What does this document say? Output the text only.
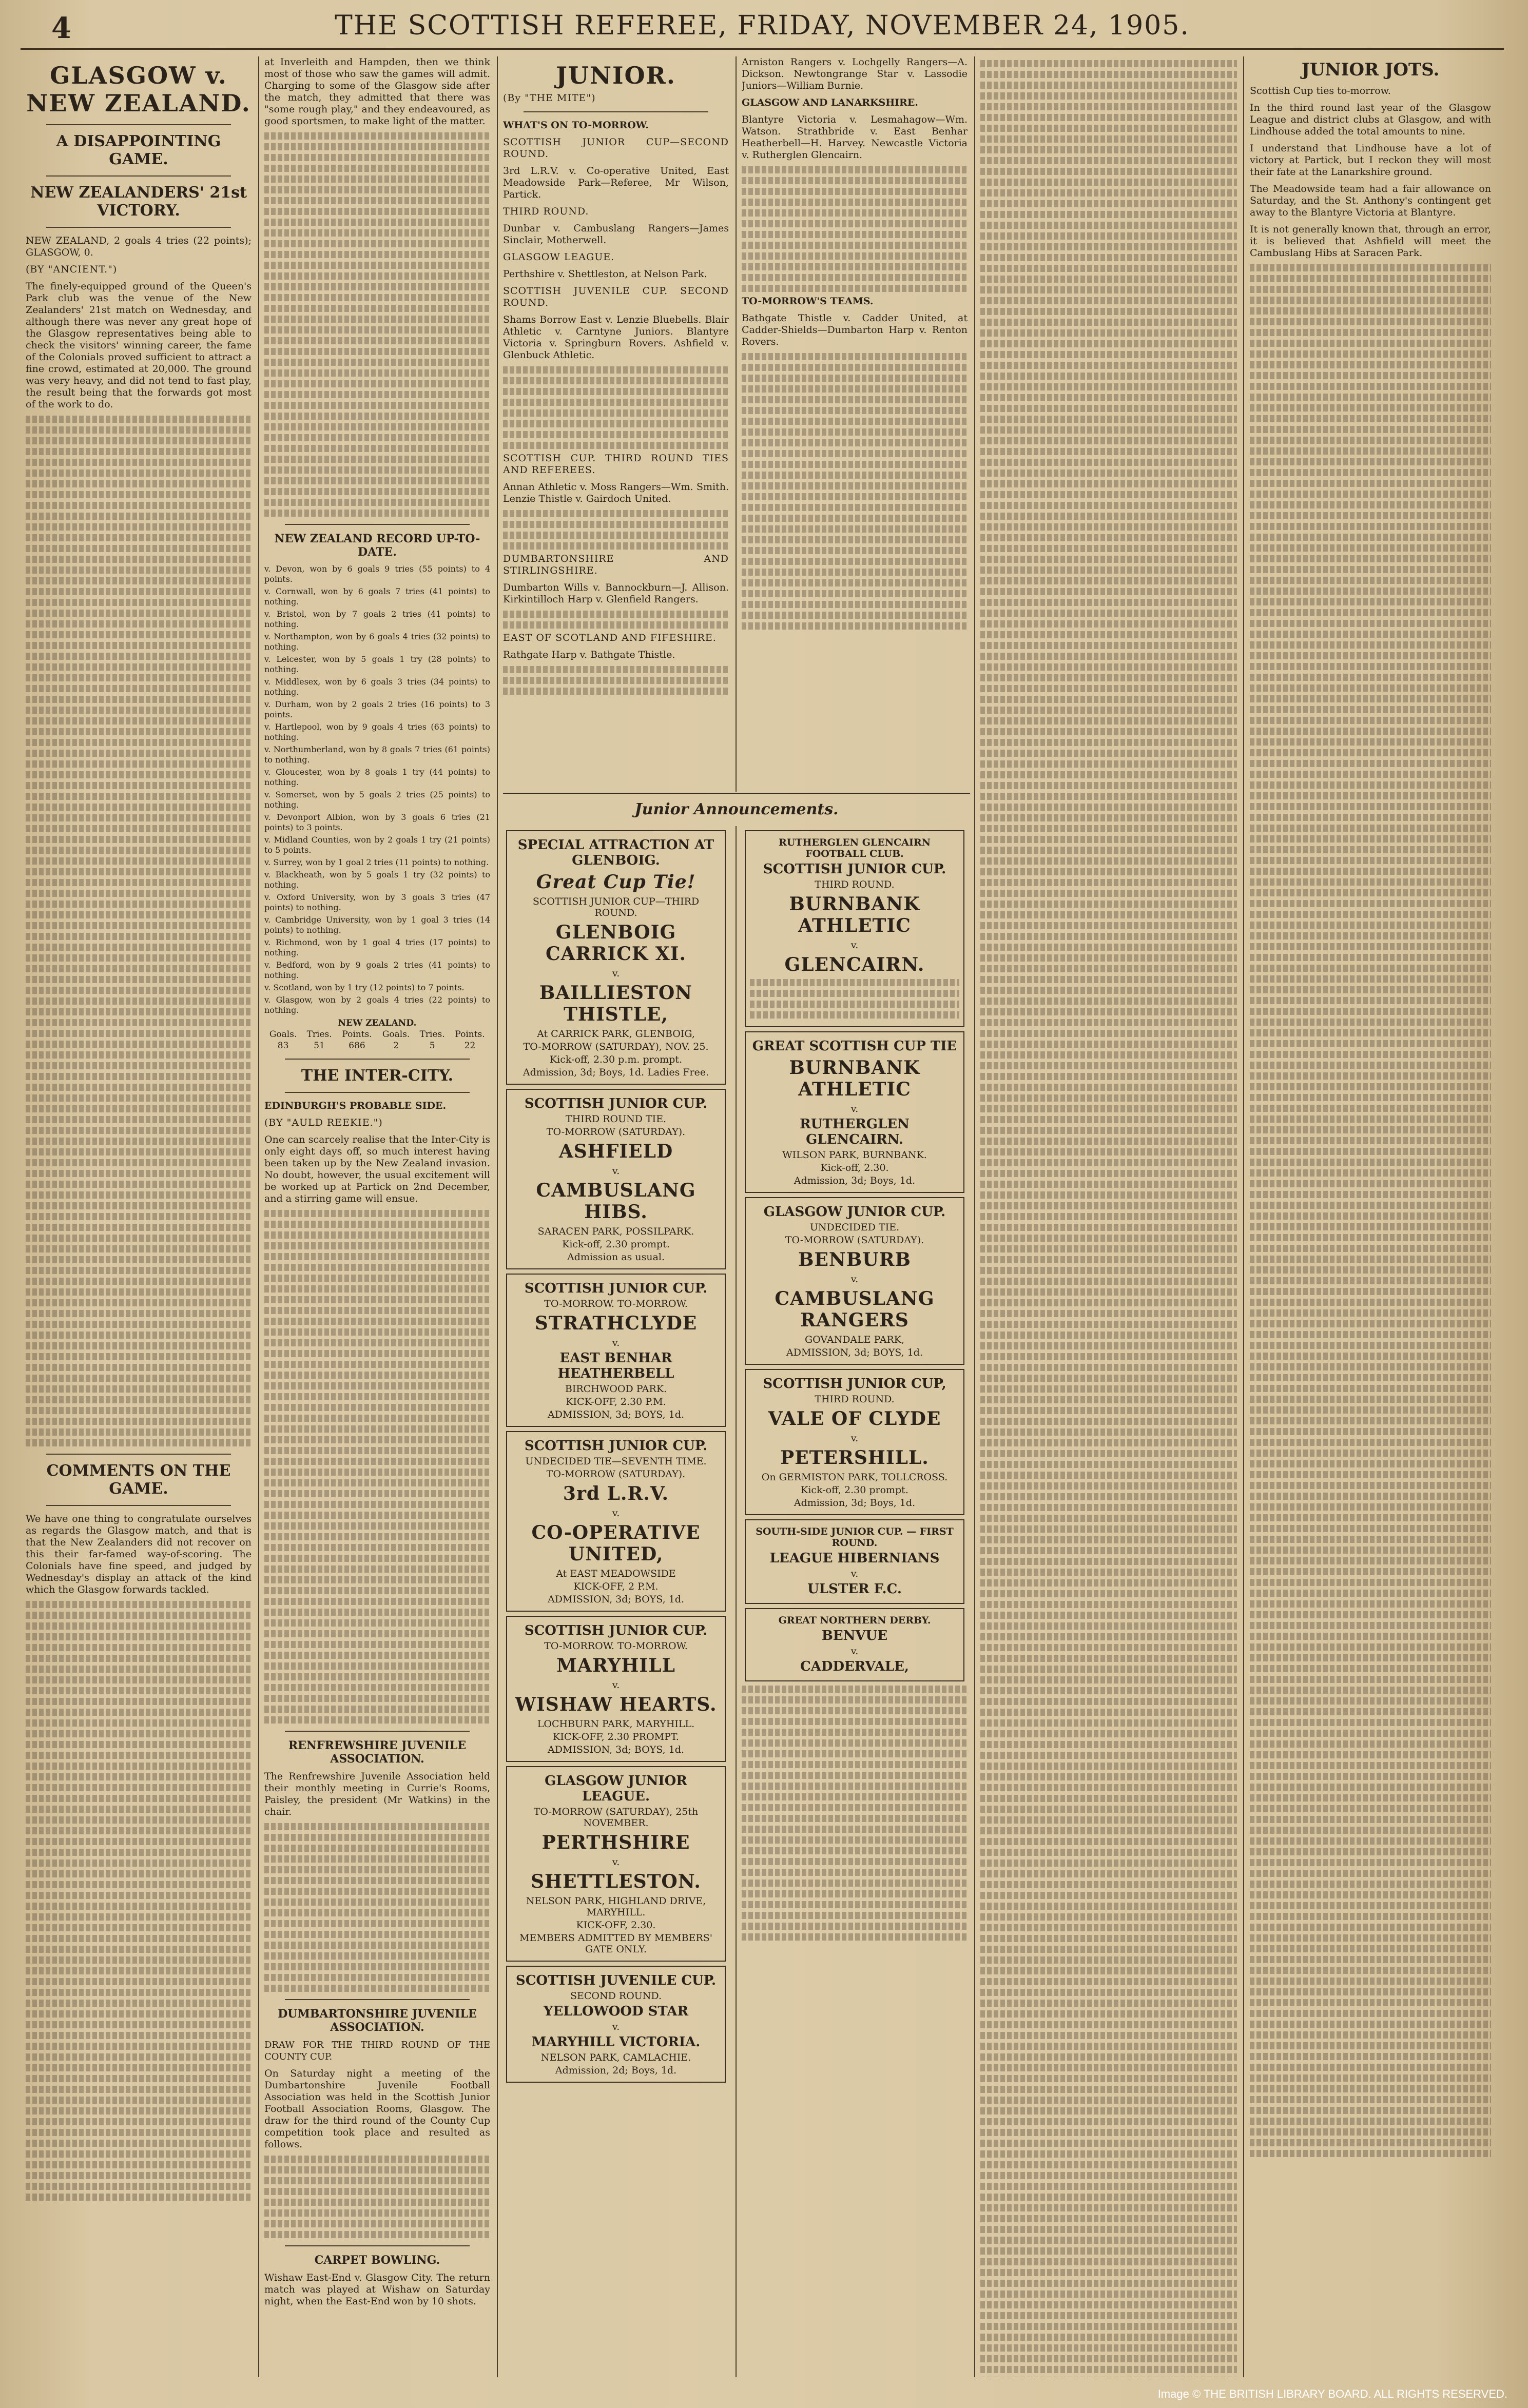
4	THE SCOTTISH REFEREE, FRIDAY, NOVEMBER 24, 1905.
GLASGOW v. NEW ZEALAND.
A DISAPPOINTING GAME.
NEW ZEALANDERS' 21st VICTORY.

NEW ZEALAND, 2 goals 4 tries (22 points); GLASGOW, 0.

(BY "ANCIENT.")

The finely-equipped ground of the Queen's Park club was the venue of the New Zealanders' 21st match on Wednesday, and although there was never any great hope of the Glasgow representatives being able to check the visitors' winning career, the fame of the Colonials proved sufficient to attract a fine crowd, estimated at 20,000. The ground was very heavy, and did not tend to fast play, the result being that the forwards got most of the work to do.

COMMENTS ON THE GAME.

We have one thing to congratulate ourselves as regards the Glasgow match, and that is that the New Zealanders did not recover on this their far-famed way-of-scoring. The Colonials have fine speed, and judged by Wednesday's display an attack of the kind which the Glasgow forwards tackled.

at Inverleith and Hampden, then we think most of those who saw the games will admit. Charging to some of the Glasgow side after the match, they admitted that there was "some rough play," and they endeavoured, as good sportsmen, to make light of the matter.

NEW ZEALAND RECORD UP-TO-DATE.

v. Devon, won by 6 goals 9 tries (55 points) to 4 points.

v. Cornwall, won by 6 goals 7 tries (41 points) to nothing.

v. Bristol, won by 7 goals 2 tries (41 points) to nothing.

v. Northampton, won by 6 goals 4 tries (32 points) to nothing.

v. Leicester, won by 5 goals 1 try (28 points) to nothing.

v. Middlesex, won by 6 goals 3 tries (34 points) to nothing.

v. Durham, won by 2 goals 2 tries (16 points) to 3 points.

v. Hartlepool, won by 9 goals 4 tries (63 points) to nothing.

v. Northumberland, won by 8 goals 7 tries (61 points) to nothing.

v. Gloucester, won by 8 goals 1 try (44 points) to nothing.

v. Somerset, won by 5 goals 2 tries (25 points) to nothing.

v. Devonport Albion, won by 3 goals 6 tries (21 points) to 3 points.

v. Midland Counties, won by 2 goals 1 try (21 points) to 5 points.

v. Surrey, won by 1 goal 2 tries (11 points) to nothing.

v. Blackheath, won by 5 goals 1 try (32 points) to nothing.

v. Oxford University, won by 3 goals 3 tries (47 points) to nothing.

v. Cambridge University, won by 1 goal 3 tries (14 points) to nothing.

v. Richmond, won by 1 goal 4 tries (17 points) to nothing.

v. Bedford, won by 9 goals 2 tries (41 points) to nothing.

v. Scotland, won by 1 try (12 points) to 7 points.

v. Glasgow, won by 2 goals 4 tries (22 points) to nothing.

NEW ZEALAND.					
Goals.	Tries.	Points.	Goals.	Tries.	Points.
83	51	686	2	5	22
THE INTER-CITY.

EDINBURGH'S PROBABLE SIDE.

(BY "AULD REEKIE.")

One can scarcely realise that the Inter-City is only eight days off, so much interest having been taken up by the New Zealand invasion. No doubt, however, the usual excitement will be worked up at Partick on 2nd December, and a stirring game will ensue.

RENFREWSHIRE JUVENILE ASSOCIATION.

The Renfrewshire Juvenile Association held their monthly meeting in Currie's Rooms, Paisley, the president (Mr Watkins) in the chair.

DUMBARTONSHIRE JUVENILE ASSOCIATION.

DRAW FOR THE THIRD ROUND OF THE COUNTY CUP.

On Saturday night a meeting of the Dumbartonshire Juvenile Football Association was held in the Scottish Junior Football Association Rooms, Glasgow. The draw for the third round of the County Cup competition took place and resulted as follows.

CARPET BOWLING.

Wishaw East-End v. Glasgow City. The return match was played at Wishaw on Saturday night, when the East-End won by 10 shots.

JUNIOR.

(By "THE MITE")

WHAT'S ON TO-MORROW.

SCOTTISH JUNIOR CUP—SECOND ROUND.

3rd L.R.V. v. Co-operative United, East Meadowside Park—Referee, Mr Wilson, Partick.

THIRD ROUND.

Dunbar v. Cambuslang Rangers—James Sinclair, Motherwell.

GLASGOW LEAGUE.

Perthshire v. Shettleston, at Nelson Park.

SCOTTISH JUVENILE CUP. SECOND ROUND.

Shams Borrow East v. Lenzie Bluebells. Blair Athletic v. Carntyne Juniors. Blantyre Victoria v. Springburn Rovers. Ashfield v. Glenbuck Athletic.

SCOTTISH CUP. THIRD ROUND TIES AND REFEREES.

Annan Athletic v. Moss Rangers—Wm. Smith. Lenzie Thistle v. Gairdoch United.

DUMBARTONSHIRE AND STIRLINGSHIRE.

Dumbarton Wills v. Bannockburn—J. Allison. Kirkintilloch Harp v. Glenfield Rangers.

EAST OF SCOTLAND AND FIFESHIRE.

Rathgate Harp v. Bathgate Thistle.

Arniston Rangers v. Lochgelly Rangers—A. Dickson. Newtongrange Star v. Lassodie Juniors—William Burnie.

GLASGOW AND LANARKSHIRE.

Blantyre Victoria v. Lesmahagow—Wm. Watson. Strathbride v. East Benhar Heatherbell—H. Harvey. Newcastle Victoria v. Rutherglen Glencairn.

TO-MORROW'S TEAMS.

Bathgate Thistle v. Cadder United, at Cadder-Shields—Dumbarton Harp v. Renton Rovers.

Junior Announcements.
SPECIAL ATTRACTION AT GLENBOIG.
Great Cup Tie!
SCOTTISH JUNIOR CUP—THIRD ROUND.
GLENBOIG CARRICK XI.
v.
BAILLIESTON THISTLE,
At CARRICK PARK, GLENBOIG,
TO-MORROW (SATURDAY), NOV. 25.
Kick-off, 2.30 p.m. prompt.
Admission, 3d; Boys, 1d. Ladies Free.
SCOTTISH JUNIOR CUP.
THIRD ROUND TIE.
TO-MORROW (SATURDAY).
ASHFIELD
v.
CAMBUSLANG HIBS.
SARACEN PARK, POSSILPARK.
Kick-off, 2.30 prompt.
Admission as usual.
SCOTTISH JUNIOR CUP.
TO-MORROW. TO-MORROW.
STRATHCLYDE
v.
EAST BENHAR HEATHERBELL
BIRCHWOOD PARK.
KICK-OFF, 2.30 P.M.
ADMISSION, 3d; BOYS, 1d.
SCOTTISH JUNIOR CUP.
UNDECIDED TIE—SEVENTH TIME.
TO-MORROW (SATURDAY).
3rd L.R.V.
v.
CO-OPERATIVE UNITED,
At EAST MEADOWSIDE
KICK-OFF, 2 P.M.
ADMISSION, 3d; BOYS, 1d.
SCOTTISH JUNIOR CUP.
TO-MORROW. TO-MORROW.
MARYHILL
v.
WISHAW HEARTS.
LOCHBURN PARK, MARYHILL.
KICK-OFF, 2.30 PROMPT.
ADMISSION, 3d; BOYS, 1d.
GLASGOW JUNIOR LEAGUE.
TO-MORROW (SATURDAY), 25th NOVEMBER.
PERTHSHIRE
v.
SHETTLESTON.
NELSON PARK, HIGHLAND DRIVE, MARYHILL.
KICK-OFF, 2.30.
MEMBERS ADMITTED BY MEMBERS' GATE ONLY.
SCOTTISH JUVENILE CUP.
SECOND ROUND.
YELLOWOOD STAR
v.
MARYHILL VICTORIA.
NELSON PARK, CAMLACHIE.
Admission, 2d; Boys, 1d.
RUTHERGLEN GLENCAIRN FOOTBALL CLUB.
SCOTTISH JUNIOR CUP.
THIRD ROUND.
BURNBANK ATHLETIC
v.
GLENCAIRN.
GREAT SCOTTISH CUP TIE
BURNBANK ATHLETIC
v.
RUTHERGLEN GLENCAIRN.
WILSON PARK, BURNBANK.
Kick-off, 2.30.
Admission, 3d; Boys, 1d.
GLASGOW JUNIOR CUP.
UNDECIDED TIE.
TO-MORROW (SATURDAY).
BENBURB
v.
CAMBUSLANG RANGERS
GOVANDALE PARK,
ADMISSION, 3d; BOYS, 1d.
SCOTTISH JUNIOR CUP,
THIRD ROUND.
VALE OF CLYDE
v.
PETERSHILL.
On GERMISTON PARK, TOLLCROSS.
Kick-off, 2.30 prompt.
Admission, 3d; Boys, 1d.
SOUTH-SIDE JUNIOR CUP. — FIRST ROUND.
LEAGUE HIBERNIANS
v.
ULSTER F.C.
GREAT NORTHERN DERBY.
BENVUE
v.
CADDERVALE,
JUNIOR JOTS.

Scottish Cup ties to-morrow.

In the third round last year of the Glasgow League and district clubs at Glasgow, and with Lindhouse added the total amounts to nine.

I understand that Lindhouse have a lot of victory at Partick, but I reckon they will most their fate at the Lanarkshire ground.

The Meadowside team had a fair allowance on Saturday, and the St. Anthony's contingent get away to the Blantyre Victoria at Blantyre.

It is not generally known that, through an error, it is believed that Ashfield will meet the Cambuslang Hibs at Saracen Park.

Image © THE BRITISH LIBRARY BOARD. ALL RIGHTS RESERVED.
